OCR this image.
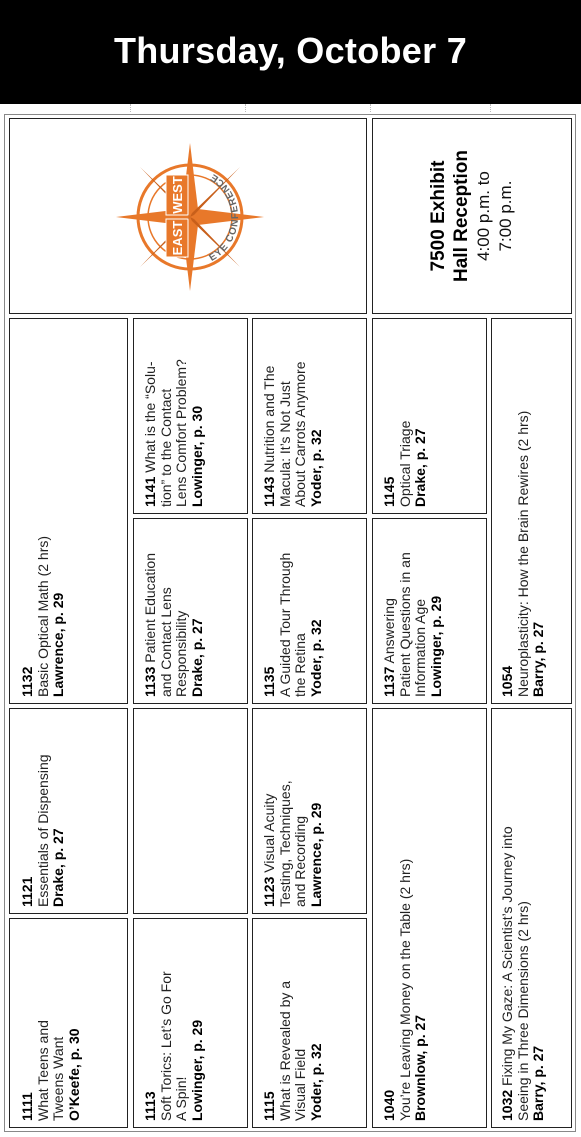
Thursday, October 7
EAST
WEST
EYE CONFERENCE	7500 Exhibit Hall Reception 4:00 p.m. to 7:00 p.m.
1132 Basic Optical Math (2 hrs) Lawrence, p. 29
1121 Essentials of Dispensing Drake, p. 27
1111 What Teens and Tweens Want O’Keefe, p. 30
1141 What is the “Solu- tion” to the Contact Lens Comfort Problem? Lowinger, p. 30
1133 Patient Education and Contact Lens Responsibility Drake, p. 27
1113 Soft Torics: Let’s Go For A Spin! Lowinger, p. 29
1143 Nutrition and The Macula: It’s Not Just About Carrots Anymore Yoder, p. 32
1135 A Guided Tour Through the Retina Yoder, p. 32
1123 Visual Acuity Testing, Techniques, and Recording Lawrence, p. 29
1115 What is Revealed by a Visual Field Yoder, p. 32
1145 Optical Triage Drake, p. 27
1137 Answering Patient Questions in an Information Age Lowinger, p. 29
1040 You’re Leaving Money on the Table (2 hrs) Brownlow, p. 27
1054 Neuroplasticity: How the Brain Rewires (2 hrs) Barry, p. 27
1032 Fixing My Gaze: A Scientist’s Journey into Seeing in Three Dimensions (2 hrs) Barry, p. 27
